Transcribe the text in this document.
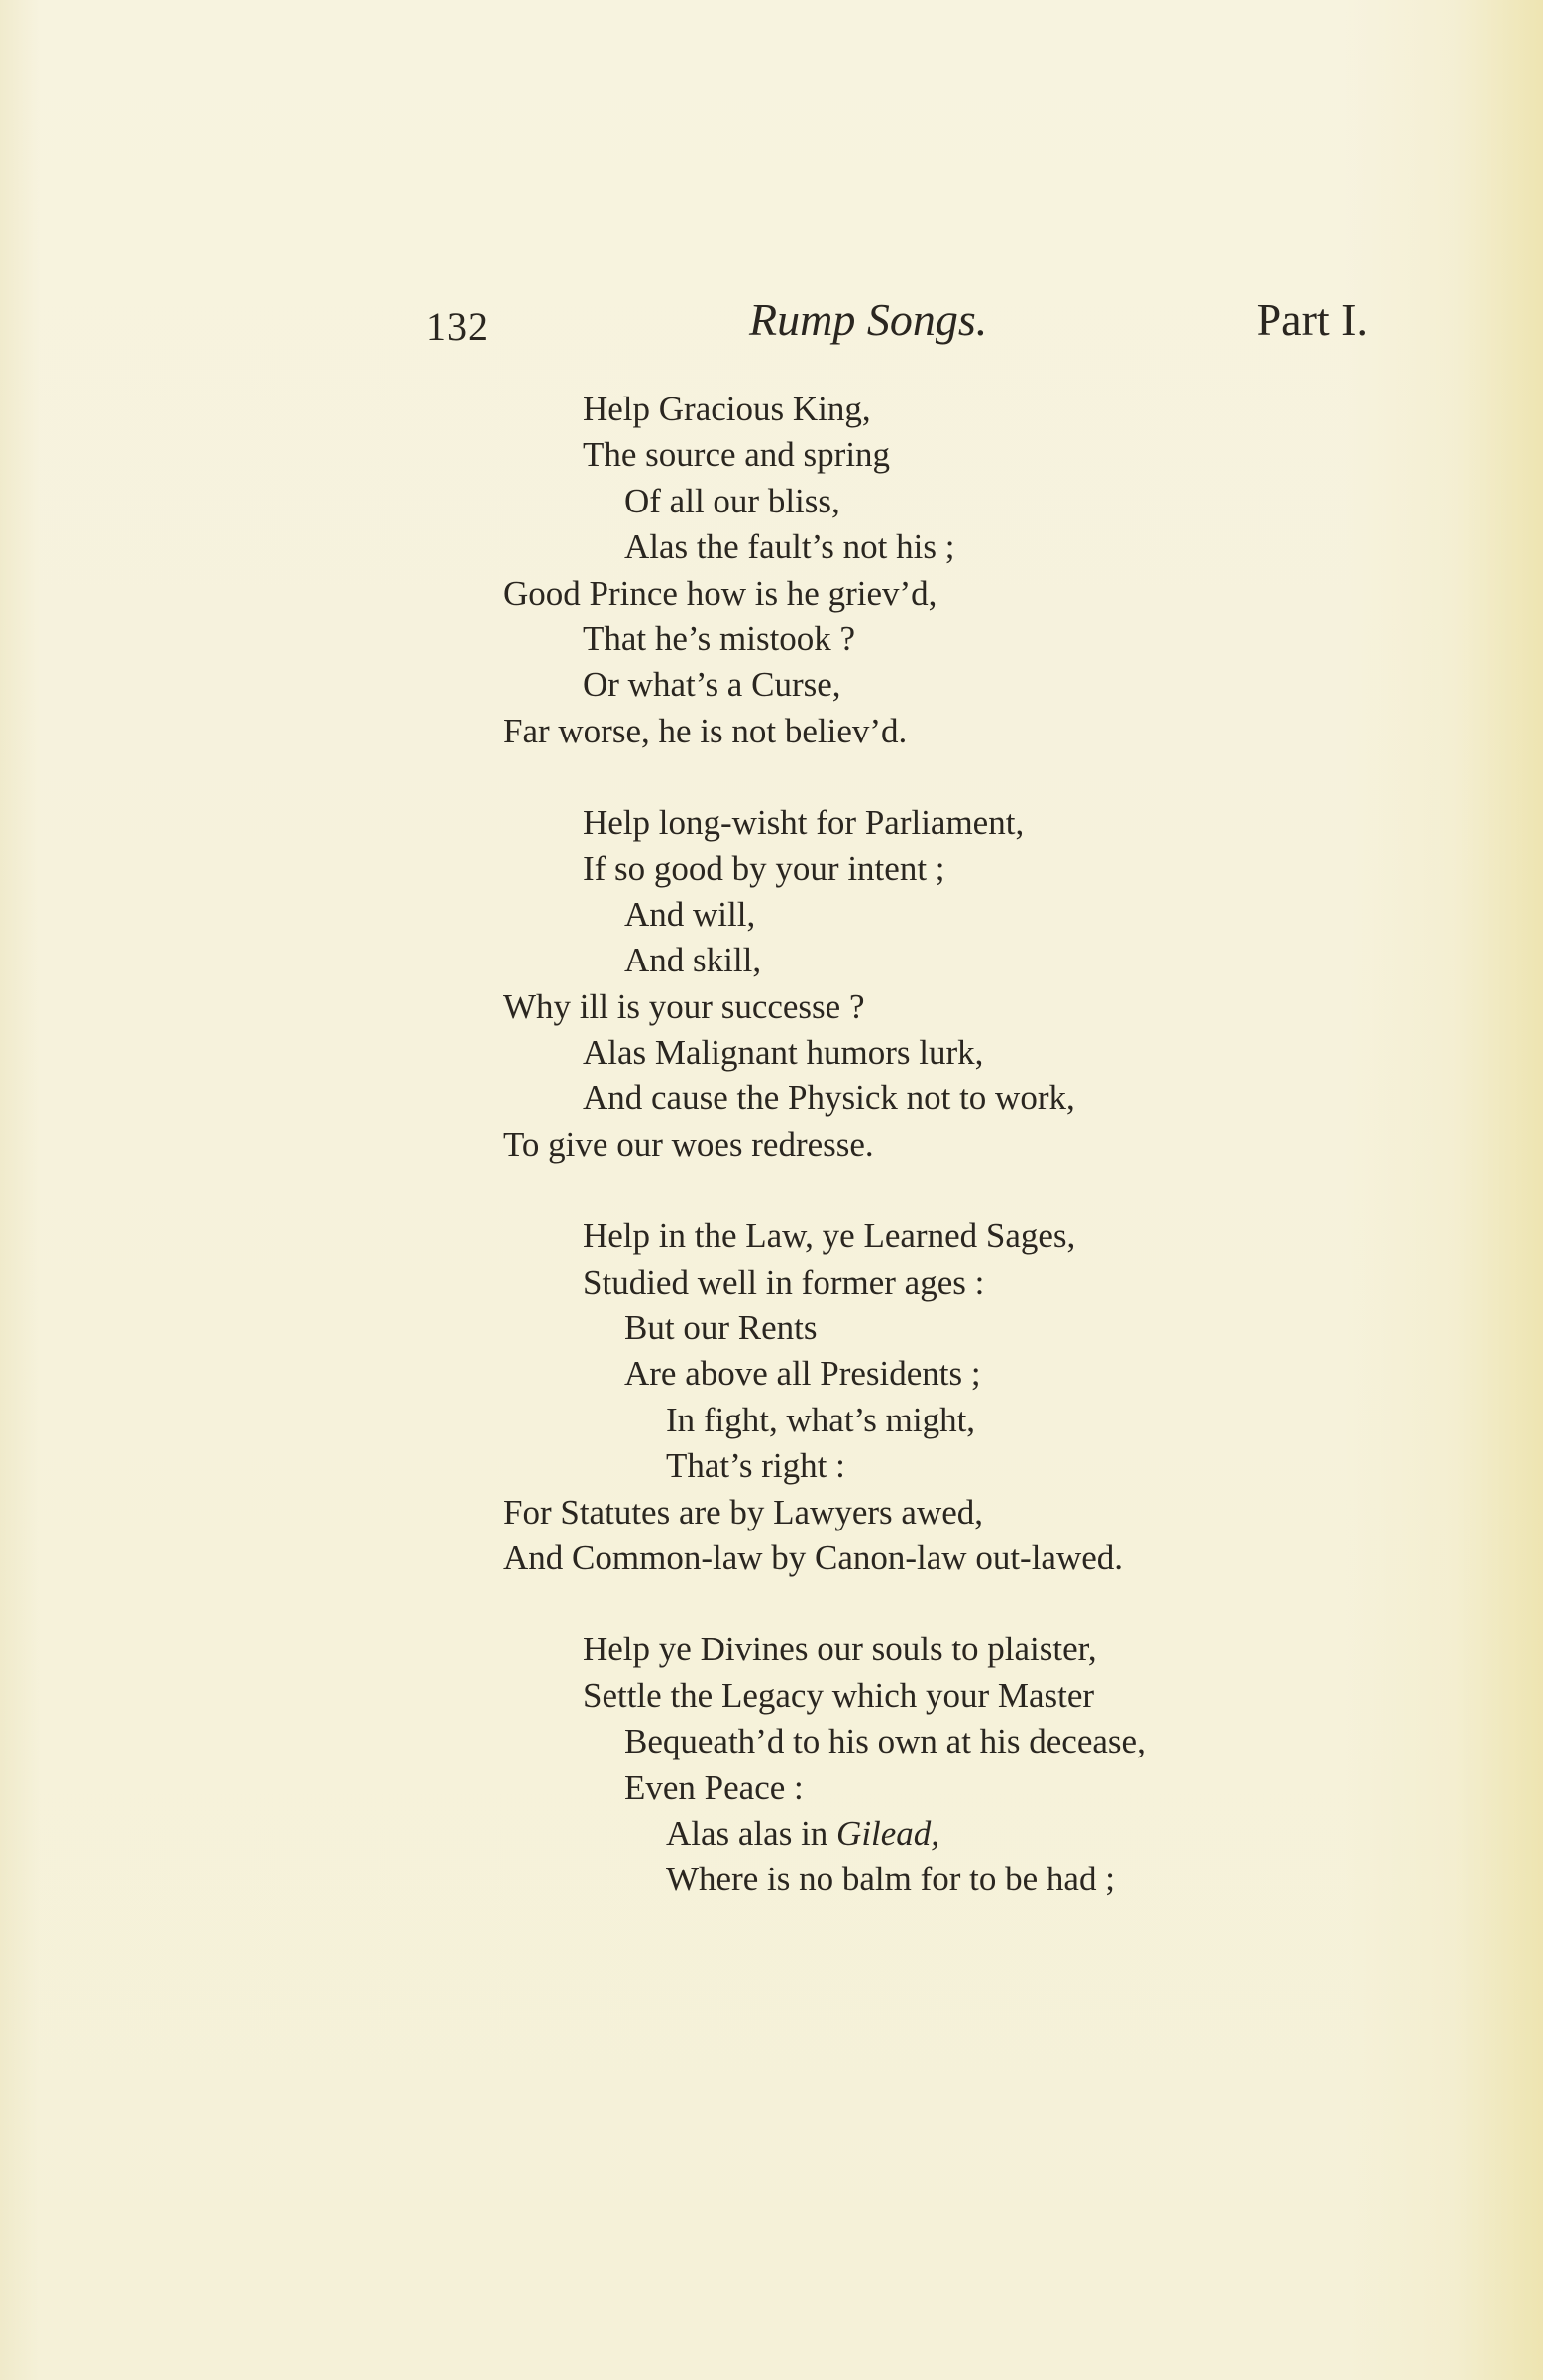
132	Rump Songs.	Part I.
Help Gracious King,
The source and spring
Of all our bliss,
Alas the fault’s not his ;
Good Prince how is he griev’d,
That he’s mistook ?
Or what’s a Curse,
Far worse, he is not believ’d.
Help long-wisht for Parliament,
If so good by your intent ;
And will,
And skill,
Why ill is your successe ?
Alas Malignant humors lurk,
And cause the Physick not to work,
To give our woes redresse.
Help in the Law, ye Learned Sages,
Studied well in former ages :
But our Rents
Are above all Presidents ;
In fight, what’s might,
That’s right :
For Statutes are by Lawyers awed,
And Common-law by Canon-law out-lawed.
Help ye Divines our souls to plaister,
Settle the Legacy which your Master
Bequeath’d to his own at his decease,
Even Peace :
Alas alas in Gilead,
Where is no balm for to be had ;
